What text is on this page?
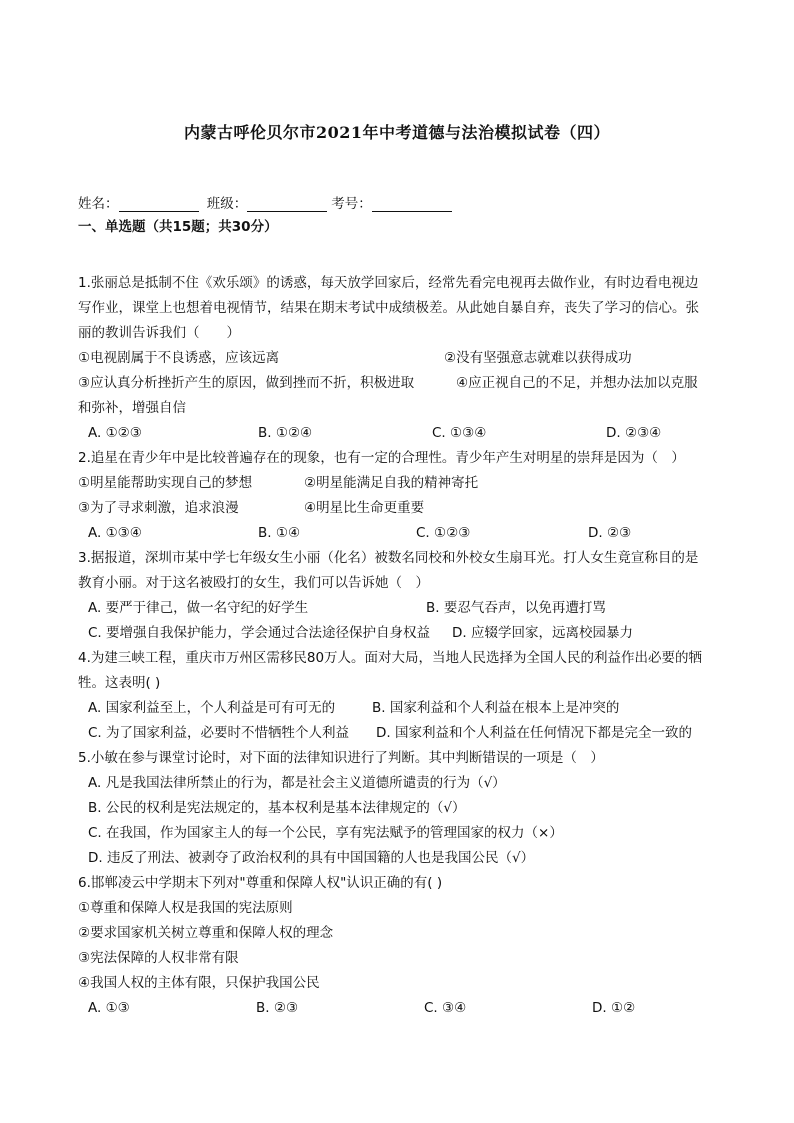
内蒙古呼伦贝尔市2021年中考道德与法治模拟试卷（四）
姓名：	班级：	考号：
一、单选题（共15题；共30分）
1.张丽总是抵制不住《欢乐颂》的诱惑，每天放学回家后，经常先看完电视再去做作业，有时边看电视边
写作业，课堂上也想着电视情节，结果在期末考试中成绩极差。从此她自暴自弃，丧失了学习的信心。张
丽的教训告诉我们（　　）
①电视剧属于不良诱惑，应该远离	②没有坚强意志就难以获得成功
③应认真分析挫折产生的原因，做到挫而不折，积极进取	④应正视自己的不足，并想办法加以克服
和弥补，增强自信
A. ①②③	B. ①②④	C. ①③④	D. ②③④
2.追星在青少年中是比较普遍存在的现象，也有一定的合理性。青少年产生对明星的崇拜是因为（　）
①明星能帮助实现自己的梦想	②明星能满足自我的精神寄托
③为了寻求刺激，追求浪漫	④明星比生命更重要
A. ①③④	B. ①④	C. ①②③	D. ②③
3.据报道，深圳市某中学七年级女生小丽（化名）被数名同校和外校女生扇耳光。打人女生竟宣称目的是
教育小丽。对于这名被殴打的女生，我们可以告诉她（　）
A. 要严于律己，做一名守纪的好学生	B. 要忍气吞声，以免再遭打骂
C. 要增强自我保护能力，学会通过合法途径保护自身权益 D. 应辍学回家，远离校园暴力
4.为建三峡工程，重庆市万州区需移民80万人。面对大局，当地人民选择为全国人民的利益作出必要的牺
牲。这表明( )
A. 国家利益至上，个人利益是可有可无的	B. 国家利益和个人利益在根本上是冲突的
C. 为了国家利益，必要时不惜牺牲个人利益 D. 国家利益和个人利益在任何情况下都是完全一致的
5.小敏在参与课堂讨论时，对下面的法律知识进行了判断。其中判断错误的一项是（　）
A. 凡是我国法律所禁止的行为，都是社会主义道德所谴责的行为（√）
B. 公民的权利是宪法规定的，基本权利是基本法律规定的（√）
C. 在我国，作为国家主人的每一个公民，享有宪法赋予的管理国家的权力（×）
D. 违反了刑法、被剥夺了政治权利的具有中国国籍的人也是我国公民（√）
6.邯郸凌云中学期末下列对"尊重和保障人权"认识正确的有( )
①尊重和保障人权是我国的宪法原则
②要求国家机关树立尊重和保障人权的理念
③宪法保障的人权非常有限
④我国人权的主体有限，只保护我国公民
A. ①③	B. ②③	C. ③④	D. ①②
